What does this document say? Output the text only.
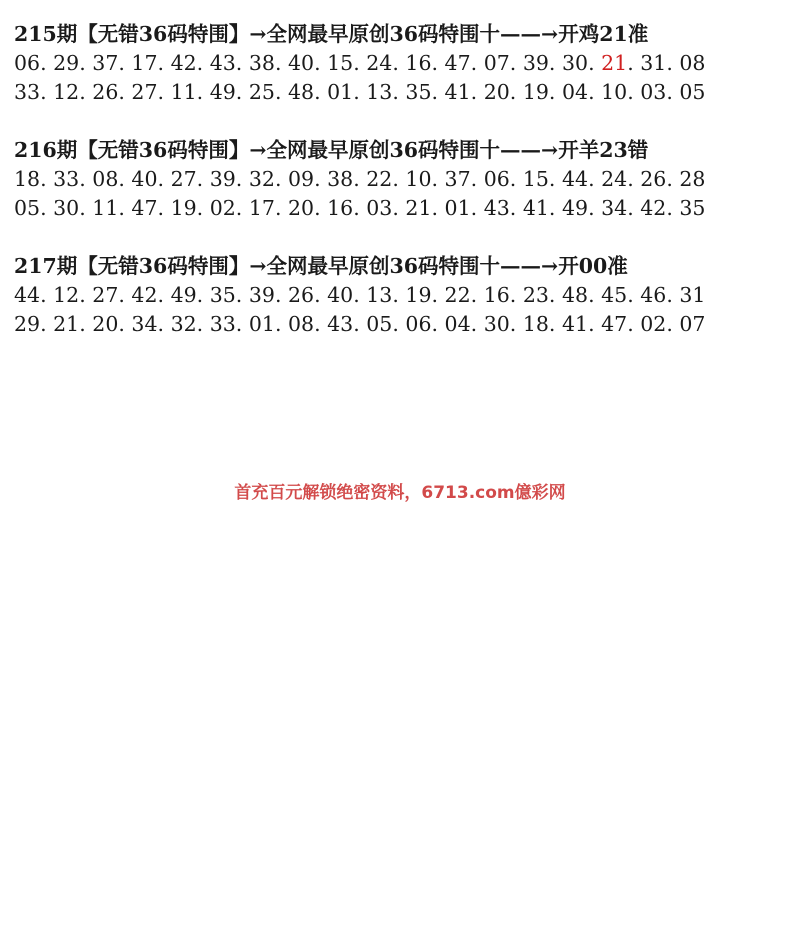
215期【无错36码特围】→全网最早原创36码特围十——→开鸡21准
06. 29. 37. 17. 42. 43. 38. 40. 15. 24. 16. 47. 07. 39. 30. 21. 31. 08
33. 12. 26. 27. 11. 49. 25. 48. 01. 13. 35. 41. 20. 19. 04. 10. 03. 05
216期【无错36码特围】→全网最早原创36码特围十——→开羊23错
18. 33. 08. 40. 27. 39. 32. 09. 38. 22. 10. 37. 06. 15. 44. 24. 26. 28
05. 30. 11. 47. 19. 02. 17. 20. 16. 03. 21. 01. 43. 41. 49. 34. 42. 35
217期【无错36码特围】→全网最早原创36码特围十——→开00准
44. 12. 27. 42. 49. 35. 39. 26. 40. 13. 19. 22. 16. 23. 48. 45. 46. 31
29. 21. 20. 34. 32. 33. 01. 08. 43. 05. 06. 04. 30. 18. 41. 47. 02. 07
首充百元解锁绝密资料，6713.com億彩网
